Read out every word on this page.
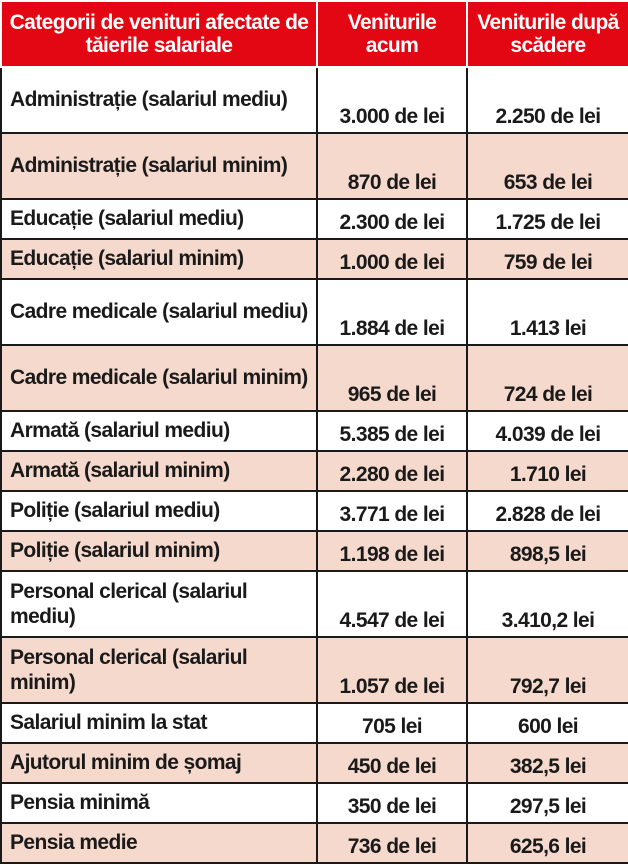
Categorii de venituri afectate de tăierile salariale	Veniturile acum	Veniturile după scădere
Administrație (salariul mediu)	3.000 de lei	2.250 de lei
Administrație (salariul minim)	870 de lei	653 de lei
Educație (salariul mediu)	2.300 de lei	1.725 de lei
Educație (salariul minim)	1.000 de lei	759 de lei
Cadre medicale (salariul mediu)	1.884 de lei	1.413 lei
Cadre medicale (salariul minim)	965 de lei	724 de lei
Armată (salariul mediu)	5.385 de lei	4.039 de lei
Armată (salariul minim)	2.280 de lei	1.710 lei
Poliție (salariul mediu)	3.771 de lei	2.828 de lei
Poliție (salariul minim)	1.198 de lei	898,5 lei
Personal clerical (salariul mediu)	4.547 de lei	3.410,2 lei
Personal clerical (salariul minim)	1.057 de lei	792,7 lei
Salariul minim la stat	705 lei	600 lei
Ajutorul minim de șomaj	450 de lei	382,5 lei
Pensia minimă	350 de lei	297,5 lei
Pensia medie	736 de lei	625,6 lei
